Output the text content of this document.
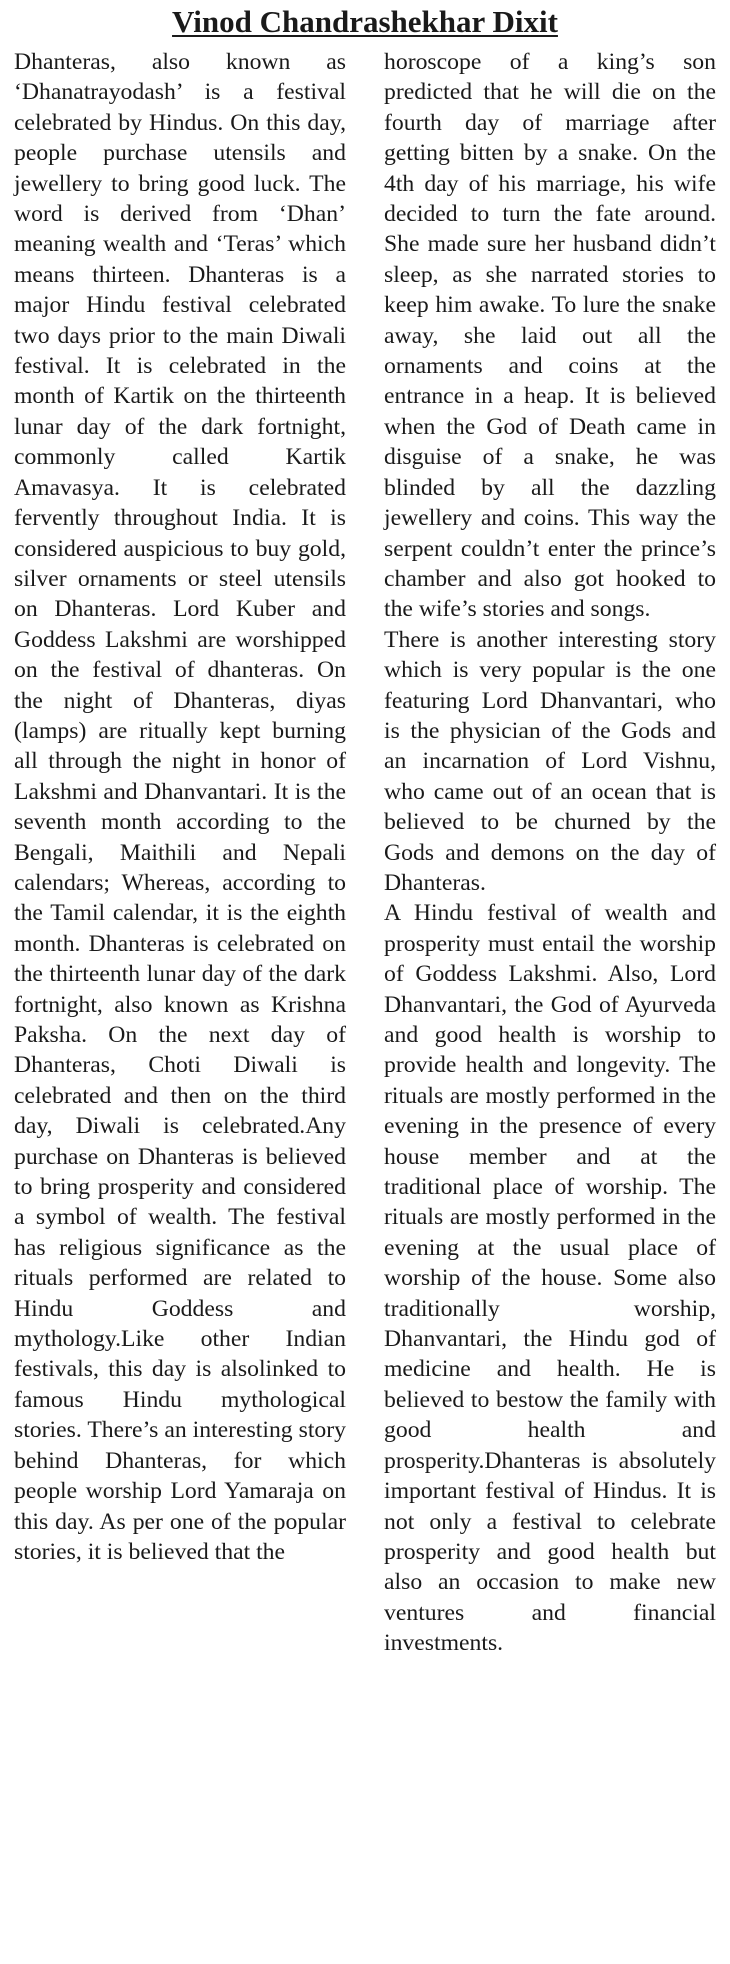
Vinod Chandrashekhar Dixit

Dhanteras, also known as ‘Dhanatrayodash’ is a festival celebrated by Hindus. On this day, people purchase utensils and jewellery to bring good luck. The word is derived from ‘Dhan’ meaning wealth and ‘Teras’ which means thirteen. Dhanteras is a major Hindu festival celebrated two days prior to the main Diwali festival. It is celebrated in the month of Kartik on the thirteenth lunar day of the dark fortnight, commonly called Kartik Amavasya. It is celebrated fervently throughout India. It is considered auspicious to buy gold, silver ornaments or steel utensils on Dhanteras. Lord Kuber and Goddess Lakshmi are worshipped on the festival of dhanteras. On the night of Dhanteras, diyas (lamps) are ritually kept burning all through the night in honor of Lakshmi and Dhanvantari. It is the seventh month according to the Bengali, Maithili and Nepali calendars; Whereas, according to the Tamil calendar, it is the eighth month. Dhanteras is celebrated on the thirteenth lunar day of the dark fortnight, also known as Krishna Paksha. On the next day of Dhanteras, Choti Diwali is celebrated and then on the third day, Diwali is celebrated.Any purchase on Dhanteras is believed to bring prosperity and considered a symbol of wealth. The festival has religious significance as the rituals performed are related to Hindu Goddess and mythology.Like other Indian festivals, this day is alsolinked to famous Hindu mythological stories. There’s an interesting story behind Dhanteras, for which people worship Lord Yamaraja on this day. As per one of the popular stories, it is believed that the

horoscope of a king’s son predicted that he will die on the fourth day of marriage after getting bitten by a snake. On the 4th day of his marriage, his wife decided to turn the fate around. She made sure her husband didn’t sleep, as she narrated stories to keep him awake. To lure the snake away, she laid out all the ornaments and coins at the entrance in a heap. It is believed when the God of Death came in disguise of a snake, he was blinded by all the dazzling jewellery and coins. This way the serpent couldn’t enter the prince’s chamber and also got hooked to the wife’s stories and songs.

There is another interesting story which is very popular is the one featuring Lord Dhanvantari, who is the physician of the Gods and an incarnation of Lord Vishnu, who came out of an ocean that is believed to be churned by the Gods and demons on the day of Dhanteras.

A Hindu festival of wealth and prosperity must entail the worship of Goddess Lakshmi. Also, Lord Dhanvantari, the God of Ayurveda and good health is worship to provide health and longevity. The rituals are mostly performed in the evening in the presence of every house member and at the traditional place of worship. The rituals are mostly performed in the evening at the usual place of worship of the house. Some also traditionally worship, Dhanvantari, the Hindu god of medicine and health. He is believed to bestow the family with good health and prosperity.Dhanteras is absolutely important festival of Hindus. It is not only a festival to celebrate prosperity and good health but also an occasion to make new ventures and financial investments.
